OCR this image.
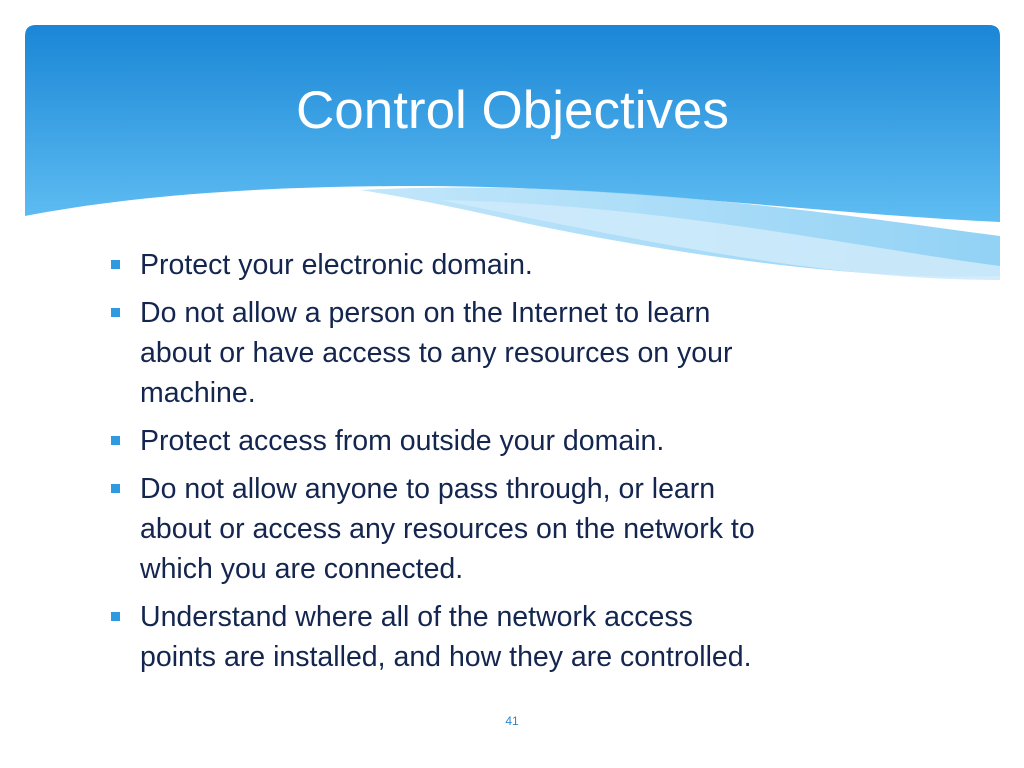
Control Objectives
Protect your electronic domain.
Do not allow a person on the Internet to learn
about or have access to any resources on your
machine.
Protect access from outside your domain.
Do not allow anyone to pass through, or learn
about or access any resources on the network to
which you are connected.
Understand where all of the network access
points are installed, and how they are controlled.
41
